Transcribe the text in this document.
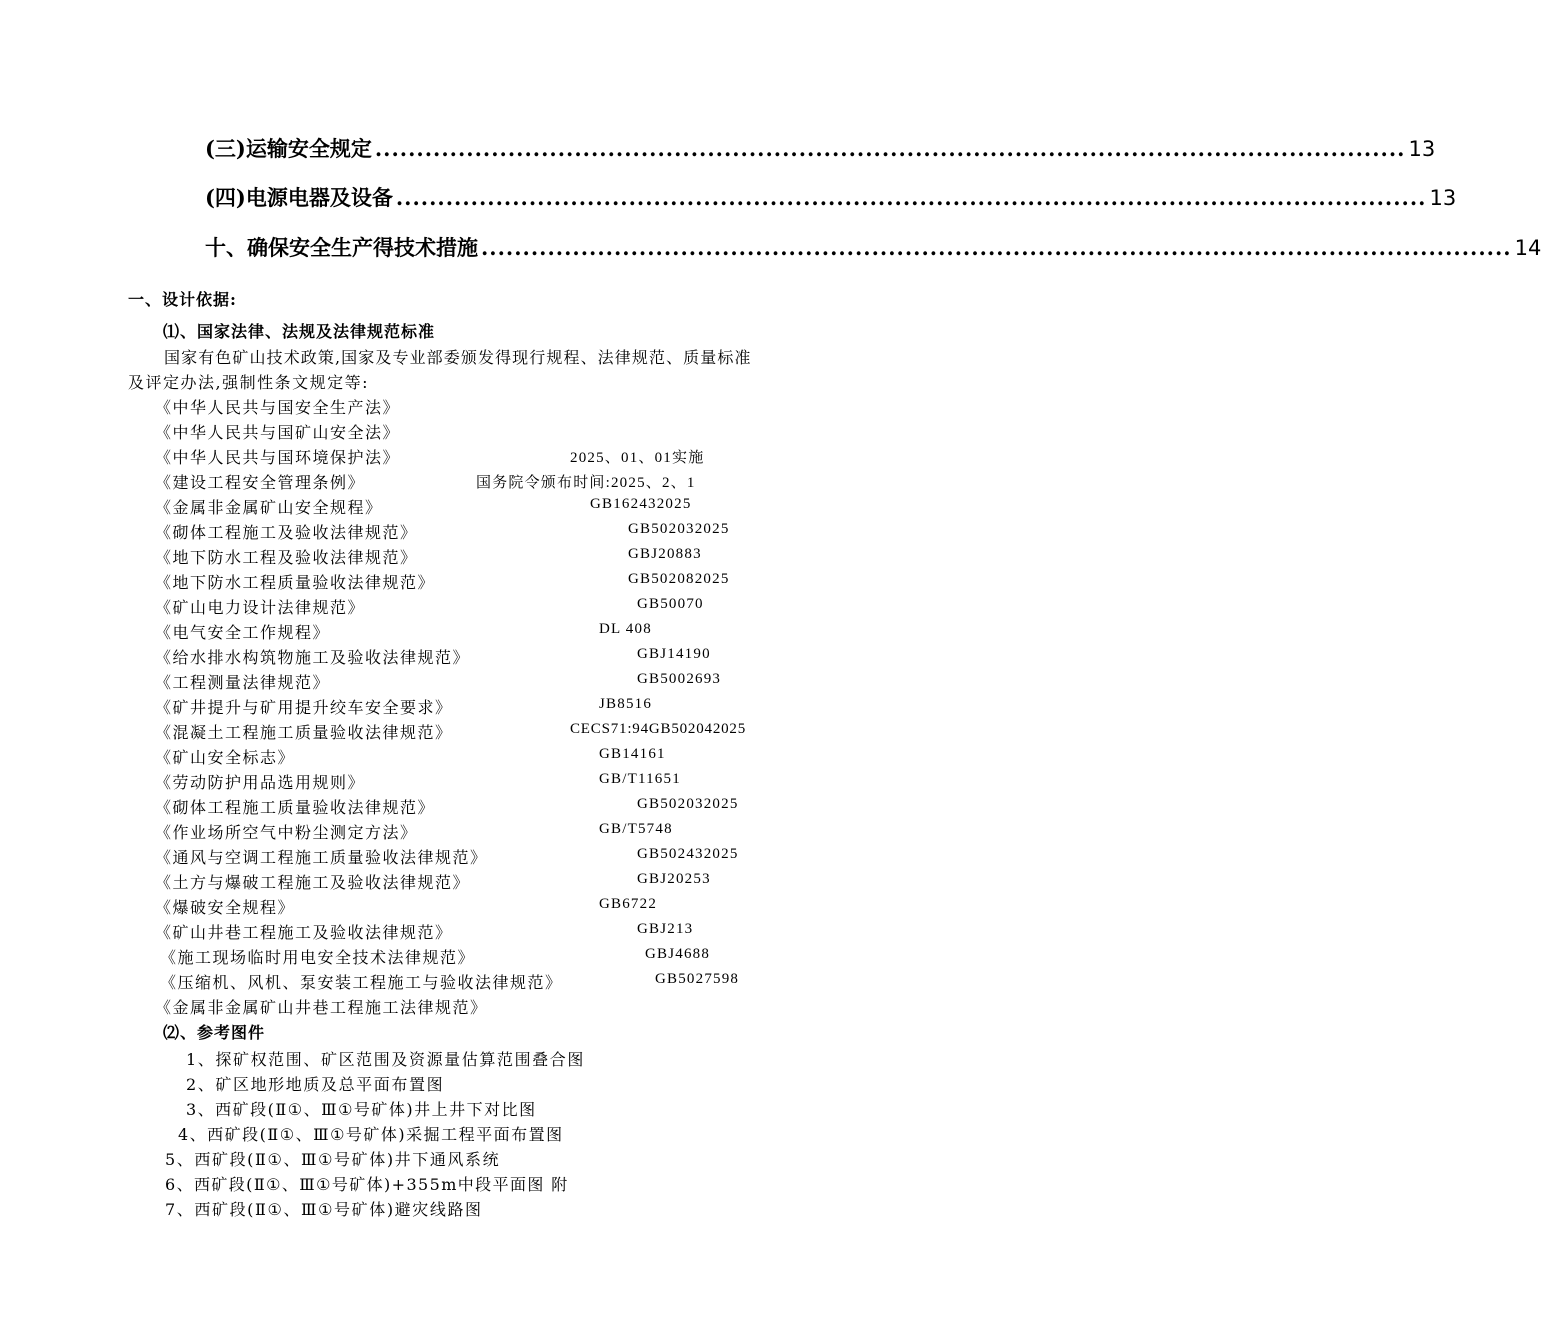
(三)运输安全规定 ............................................................................................................................ 13
(四)电源电器及设备 ............................................................................................................................ 13
十、确保安全生产得技术措施 ............................................................................................................................ 14
一、设计依据:
⑴、国家法律、法规及法律规范标准
国家有色矿山技术政策,国家及专业部委颁发得现行规程、法律规范、质量标准
及评定办法,强制性条文规定等:
《中华人民共与国安全生产法》
《中华人民共与国矿山安全法》
《中华人民共与国环境保护法》	2025、01、01实施
《建设工程安全管理条例》	国务院令颁布时间:2025、2、1
《金属非金属矿山安全规程》	GB162432025
《砌体工程施工及验收法律规范》	GB502032025
《地下防水工程及验收法律规范》	GBJ20883
《地下防水工程质量验收法律规范》	GB502082025
《矿山电力设计法律规范》	GB50070
《电气安全工作规程》	DL 408
《给水排水构筑物施工及验收法律规范》	GBJ14190
《工程测量法律规范》	GB5002693
《矿井提升与矿用提升绞车安全要求》	JB8516
《混凝土工程施工质量验收法律规范》	CECS71:94GB502042025
《矿山安全标志》	GB14161
《劳动防护用品选用规则》	GB/T11651
《砌体工程施工质量验收法律规范》	GB502032025
《作业场所空气中粉尘测定方法》	GB/T5748
《通风与空调工程施工质量验收法律规范》	GB502432025
《土方与爆破工程施工及验收法律规范》	GBJ20253
《爆破安全规程》	GB6722
《矿山井巷工程施工及验收法律规范》	GBJ213
《施工现场临时用电安全技术法律规范》	GBJ4688
《压缩机、风机、泵安装工程施工与验收法律规范》	GB5027598
《金属非金属矿山井巷工程施工法律规范》
⑵、参考图件
1、探矿权范围、矿区范围及资源量估算范围叠合图
2、矿区地形地质及总平面布置图
3、西矿段(Ⅱ①、Ⅲ①号矿体)井上井下对比图
4、西矿段(Ⅱ①、Ⅲ①号矿体)采掘工程平面布置图
5、西矿段(Ⅱ①、Ⅲ①号矿体)井下通风系统
6、西矿段(Ⅱ①、Ⅲ①号矿体)+355m中段平面图 附
7、西矿段(Ⅱ①、Ⅲ①号矿体)避灾线路图
